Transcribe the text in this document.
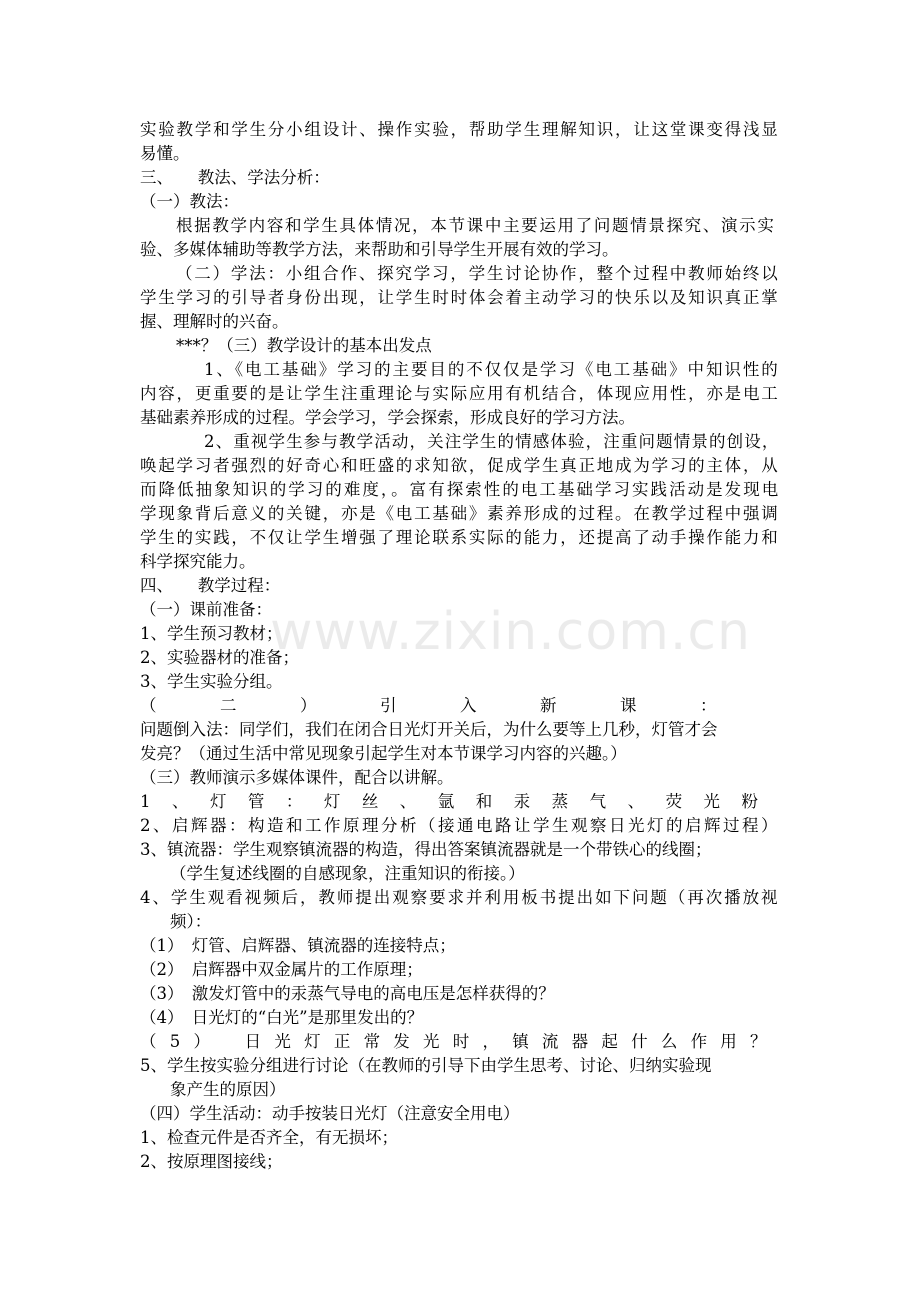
www.zixin.com.cn
实验教学和学生分小组设计、操作实验，帮助学生理解知识，让这堂课变得浅显
易懂。
三、　　教法、学法分析：
（一）教法：
根据教学内容和学生具体情况，本节课中主要运用了问题情景探究、演示实
验、多媒体辅助等教学方法，来帮助和引导学生开展有效的学习。
（二）学法：小组合作、探究学习，学生讨论协作，整个过程中教师始终以
学生学习的引导者身份出现，让学生时时体会着主动学习的快乐以及知识真正掌
握、理解时的兴奋。
***？（三）教学设计的基本出发点
1、《电工基础》学习的主要目的不仅仅是学习《电工基础》中知识性的
内容，更重要的是让学生注重理论与实际应用有机结合，体现应用性，亦是电工
基础素养形成的过程。学会学习，学会探索，形成良好的学习方法。
2、重视学生参与教学活动，关注学生的情感体验，注重问题情景的创设，
唤起学习者强烈的好奇心和旺盛的求知欲，促成学生真正地成为学习的主体，从
而降低抽象知识的学习的难度，。富有探索性的电工基础学习实践活动是发现电
学现象背后意义的关键，亦是《电工基础》素养形成的过程。在教学过程中强调
学生的实践，不仅让学生增强了理论联系实际的能力，还提高了动手操作能力和
科学探究能力。
四、　　教学过程：
（一）课前准备：
1、学生预习教材；
2、实验器材的准备；
3、学生实验分组。
（二）引入新课：
问题倒入法：同学们，我们在闭合日光灯开关后，为什么要等上几秒，灯管才会
发亮？（通过生活中常见现象引起学生对本节课学习内容的兴趣。）
（三）教师演示多媒体课件，配合以讲解。
1、灯管：灯丝、氩和汞蒸气、荧光粉
2、启辉器：构造和工作原理分析（接通电路让学生观察日光灯的启辉过程）
3、镇流器：学生观察镇流器的构造，得出答案镇流器就是一个带铁心的线圈；
（学生复述线圈的自感现象，注重知识的衔接。）
4、学生观看视频后，教师提出观察要求并利用板书提出如下问题（再次播放视
频）：
（1）　灯管、启辉器、镇流器的连接特点；
（2）　启辉器中双金属片的工作原理；
（3）　激发灯管中的汞蒸气导电的高电压是怎样获得的？
（4）　日光灯的“白光”是那里发出的？
（5）　日光灯正常发光时，镇流器起什么作用？
5、学生按实验分组进行讨论（在教师的引导下由学生思考、讨论、归纳实验现
象产生的原因）
（四）学生活动：动手按装日光灯（注意安全用电）
1、检查元件是否齐全，有无损坏；
2、按原理图接线；
